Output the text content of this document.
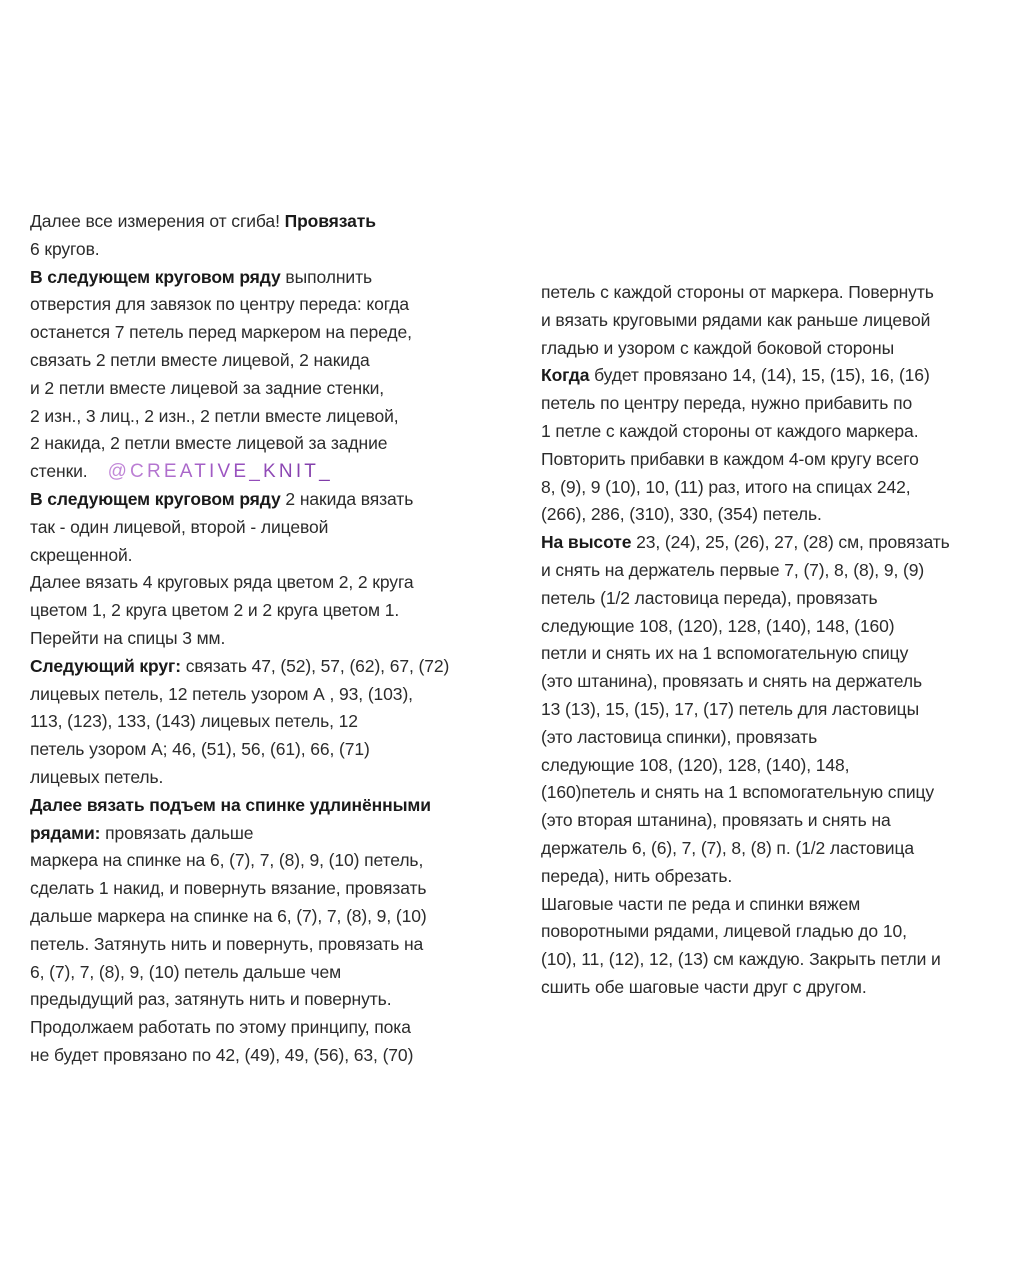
Далее все измерения от сгиба! Провязать
6 кругов.
В следующем круговом ряду выполнить
отверстия для завязок по центру переда: когда
останется 7 петель перед маркером на переде,
связать 2 петли вместе лицевой, 2 накида
и 2 петли вместе лицевой за задние стенки,
2 изн., 3 лиц., 2 изн., 2 петли вместе лицевой,
2 накида, 2 петли вместе лицевой за задние
стенки. @CREATIVE_KNIT_
В следующем круговом ряду 2 накида вязать
так - один лицевой, второй - лицевой
скрещенной.
Далее вязать 4 круговых ряда цветом 2, 2 круга
цветом 1, 2 круга цветом 2 и 2 круга цветом 1.
Перейти на спицы 3 мм.
Следующий круг: связать 47, (52), 57, (62), 67, (72)
лицевых петель, 12 петель узором А , 93, (103),
113, (123), 133, (143) лицевых петель, 12
петель узором А; 46, (51), 56, (61), 66, (71)
лицевых петель.
Далее вязать подъем на спинке удлинёнными
рядами: провязать дальше
маркера на спинке на 6, (7), 7, (8), 9, (10) петель,
сделать 1 накид, и повернуть вязание, провязать
дальше маркера на спинке на 6, (7), 7, (8), 9, (10)
петель. Затянуть нить и повернуть, провязать на
6, (7), 7, (8), 9, (10) петель дальше чем
предыдущий раз, затянуть нить и повернуть.
Продолжаем работать по этому принципу, пока
не будет провязано по 42, (49), 49, (56), 63, (70)
петель с каждой стороны от маркера. Повернуть
и вязать круговыми рядами как раньше лицевой
гладью и узором с каждой боковой стороны
Когда будет провязано 14, (14), 15, (15), 16, (16)
петель по центру переда, нужно прибавить по
1 петле с каждой стороны от каждого маркера.
Повторить прибавки в каждом 4-ом кругу всего
8, (9), 9 (10), 10, (11) раз, итого на спицах 242,
(266), 286, (310), 330, (354) петель.
На высоте 23, (24), 25, (26), 27, (28) см, провязать
и снять на держатель первые 7, (7), 8, (8), 9, (9)
петель (1/2 ластовица переда), провязать
следующие 108, (120), 128, (140), 148, (160)
петли и снять их на 1 вспомогательную спицу
(это штанина), провязать и снять на держатель
13 (13), 15, (15), 17, (17) петель для ластовицы
(это ластовица спинки), провязать
следующие 108, (120), 128, (140), 148,
(160)петель и снять на 1 вспомогательную спицу
(это вторая штанина), провязать и снять на
держатель 6, (6), 7, (7), 8, (8) п. (1/2 ластовица
переда), нить обрезать.
Шаговые части пе реда и спинки вяжем
поворотными рядами, лицевой гладью до 10,
(10), 11, (12), 12, (13) см каждую. Закрыть петли и
сшить обе шаговые части друг с другом.
